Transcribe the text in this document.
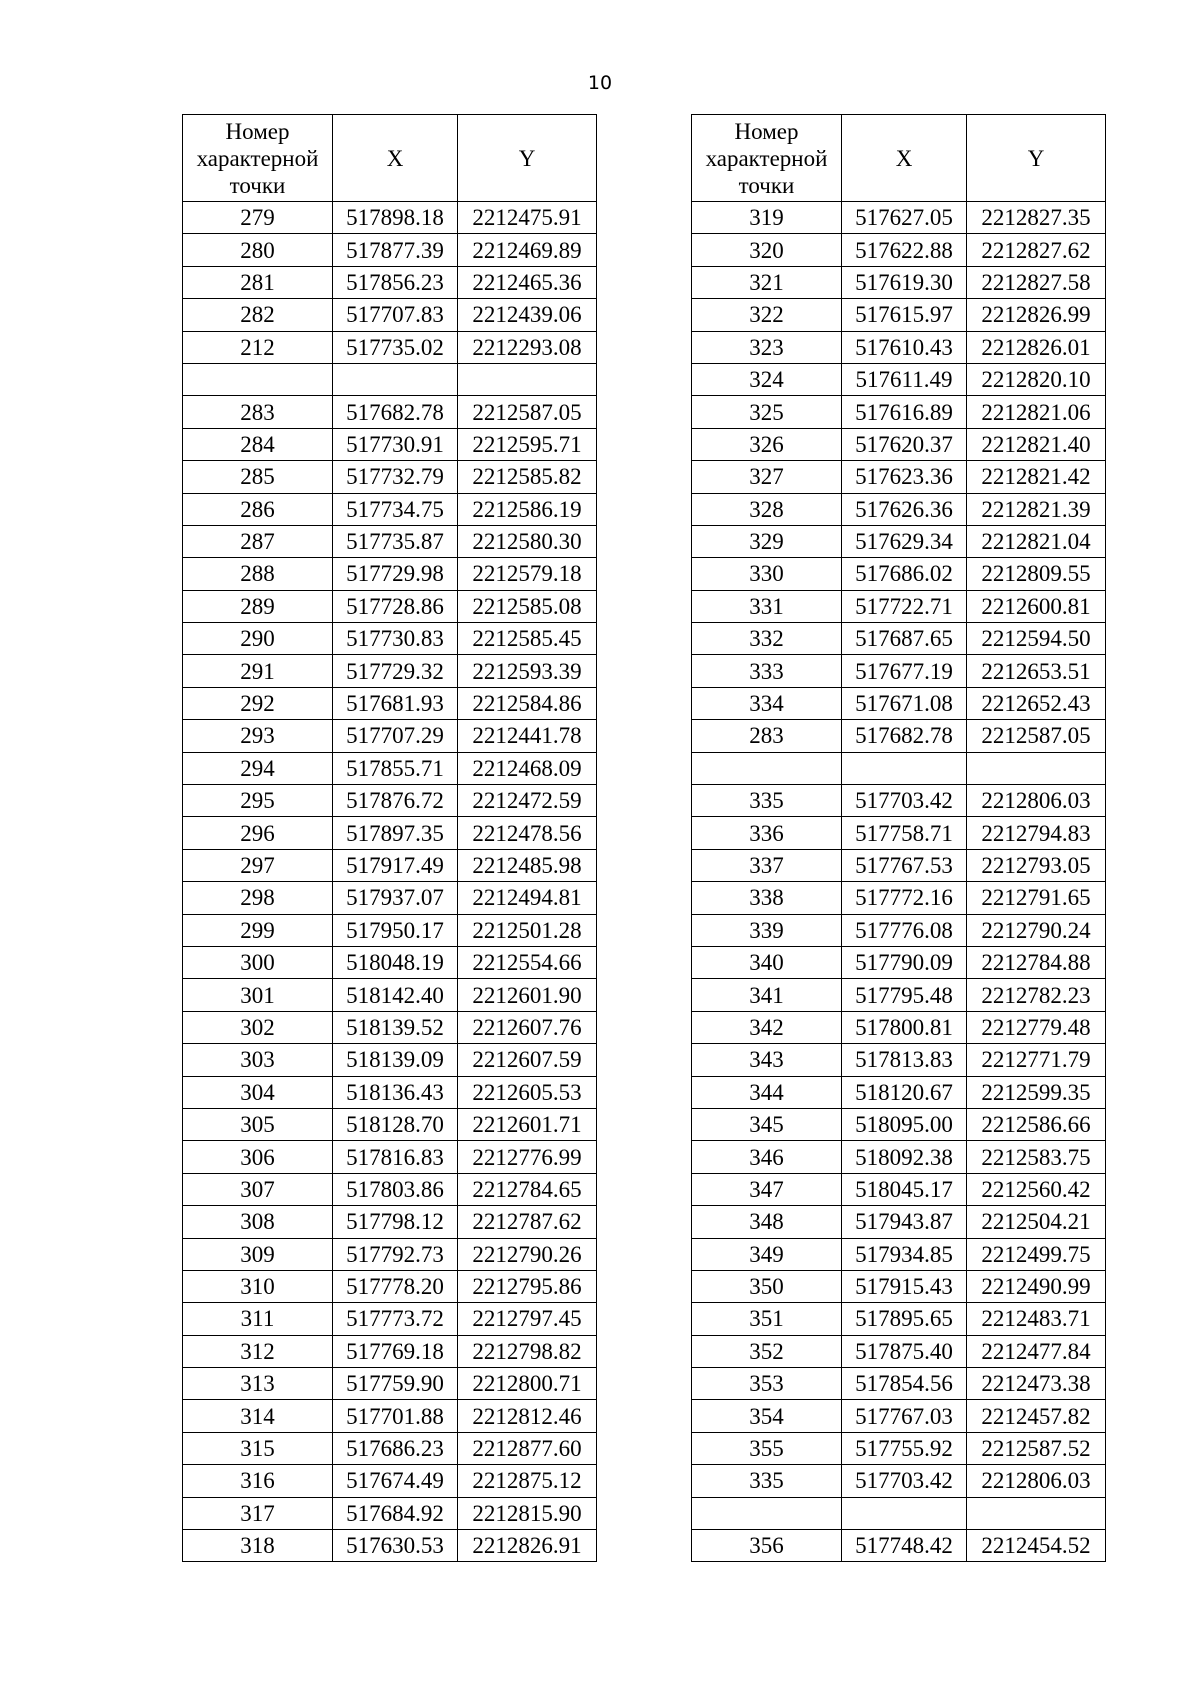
10
Номер характерной точки	X	Y
279	517898.18	2212475.91
280	517877.39	2212469.89
281	517856.23	2212465.36
282	517707.83	2212439.06
212	517735.02	2212293.08

283	517682.78	2212587.05
284	517730.91	2212595.71
285	517732.79	2212585.82
286	517734.75	2212586.19
287	517735.87	2212580.30
288	517729.98	2212579.18
289	517728.86	2212585.08
290	517730.83	2212585.45
291	517729.32	2212593.39
292	517681.93	2212584.86
293	517707.29	2212441.78
294	517855.71	2212468.09
295	517876.72	2212472.59
296	517897.35	2212478.56
297	517917.49	2212485.98
298	517937.07	2212494.81
299	517950.17	2212501.28
300	518048.19	2212554.66
301	518142.40	2212601.90
302	518139.52	2212607.76
303	518139.09	2212607.59
304	518136.43	2212605.53
305	518128.70	2212601.71
306	517816.83	2212776.99
307	517803.86	2212784.65
308	517798.12	2212787.62
309	517792.73	2212790.26
310	517778.20	2212795.86
311	517773.72	2212797.45
312	517769.18	2212798.82
313	517759.90	2212800.71
314	517701.88	2212812.46
315	517686.23	2212877.60
316	517674.49	2212875.12
317	517684.92	2212815.90
318	517630.53	2212826.91
Номер характерной точки	X	Y
319	517627.05	2212827.35
320	517622.88	2212827.62
321	517619.30	2212827.58
322	517615.97	2212826.99
323	517610.43	2212826.01
324	517611.49	2212820.10
325	517616.89	2212821.06
326	517620.37	2212821.40
327	517623.36	2212821.42
328	517626.36	2212821.39
329	517629.34	2212821.04
330	517686.02	2212809.55
331	517722.71	2212600.81
332	517687.65	2212594.50
333	517677.19	2212653.51
334	517671.08	2212652.43
283	517682.78	2212587.05

335	517703.42	2212806.03
336	517758.71	2212794.83
337	517767.53	2212793.05
338	517772.16	2212791.65
339	517776.08	2212790.24
340	517790.09	2212784.88
341	517795.48	2212782.23
342	517800.81	2212779.48
343	517813.83	2212771.79
344	518120.67	2212599.35
345	518095.00	2212586.66
346	518092.38	2212583.75
347	518045.17	2212560.42
348	517943.87	2212504.21
349	517934.85	2212499.75
350	517915.43	2212490.99
351	517895.65	2212483.71
352	517875.40	2212477.84
353	517854.56	2212473.38
354	517767.03	2212457.82
355	517755.92	2212587.52
335	517703.42	2212806.03

356	517748.42	2212454.52
